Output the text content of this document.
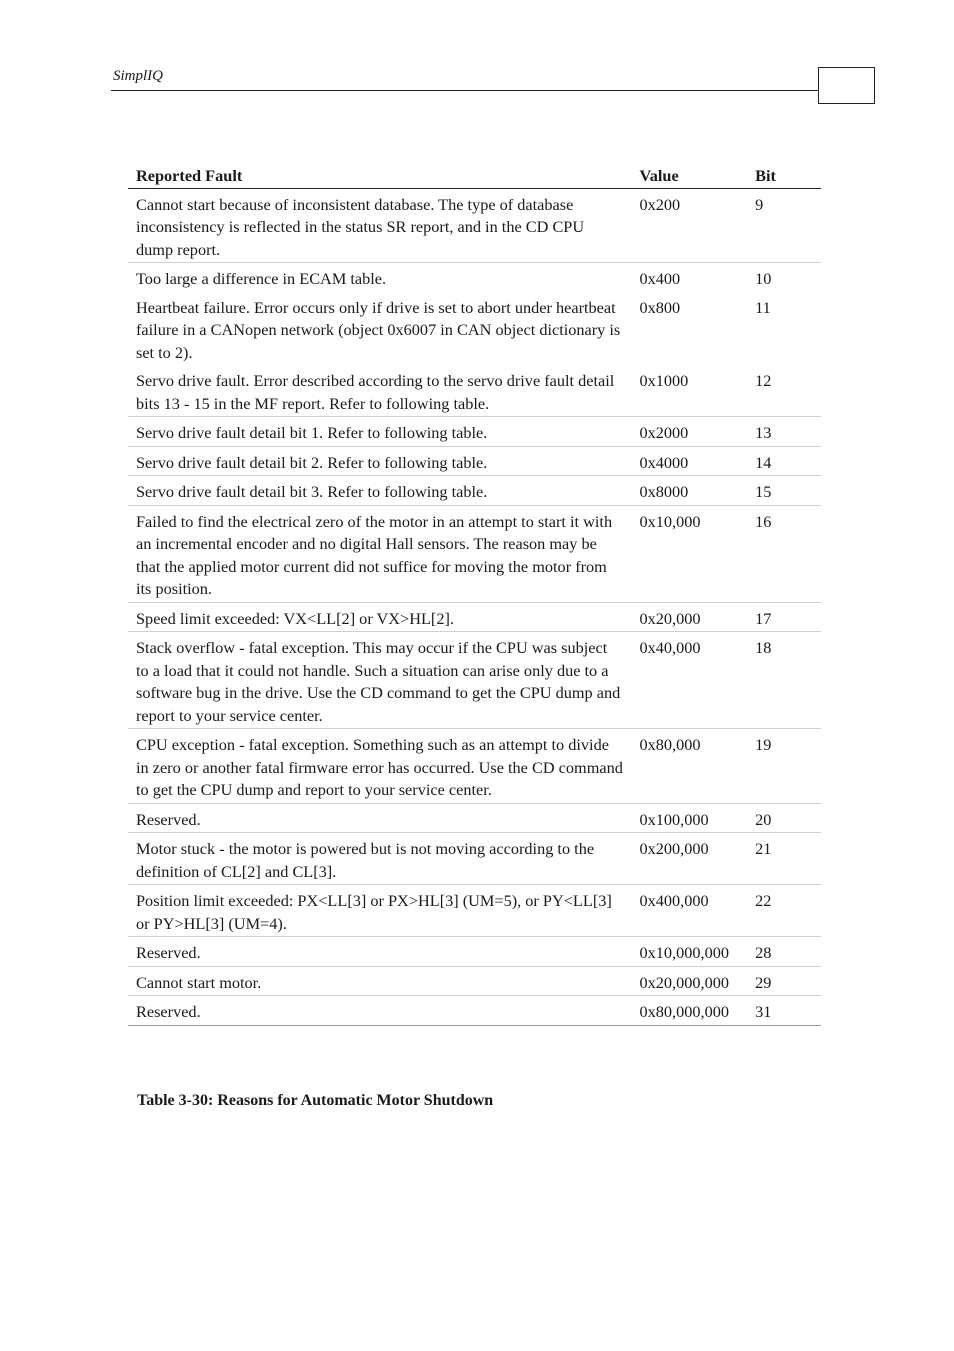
SimplIQ
Reported Fault	Value	Bit
Cannot start because of inconsistent database. The type of database inconsistency is reflected in the status SR report, and in the CD CPU dump report.	0x200	9
Too large a difference in ECAM table.	0x400	10
Heartbeat failure. Error occurs only if drive is set to abort under heartbeat failure in a CANopen network (object 0x6007 in CAN object dictionary is set to 2).	0x800	11
Servo drive fault. Error described according to the servo drive fault detail bits 13 - 15 in the MF report. Refer to following table.	0x1000	12
Servo drive fault detail bit 1. Refer to following table.	0x2000	13
Servo drive fault detail bit 2. Refer to following table.	0x4000	14
Servo drive fault detail bit 3. Refer to following table.	0x8000	15
Failed to find the electrical zero of the motor in an attempt to start it with an incremental encoder and no digital Hall sensors. The reason may be that the applied motor current did not suffice for moving the motor from its position.	0x10,000	16
Speed limit exceeded: VX<LL[2] or VX>HL[2].	0x20,000	17
Stack overflow - fatal exception. This may occur if the CPU was subject to a load that it could not handle. Such a situation can arise only due to a software bug in the drive. Use the CD command to get the CPU dump and report to your service center.	0x40,000	18
CPU exception - fatal exception. Something such as an attempt to divide in zero or another fatal firmware error has occurred. Use the CD command to get the CPU dump and report to your service center.	0x80,000	19
Reserved.	0x100,000	20
Motor stuck - the motor is powered but is not moving according to the definition of CL[2] and CL[3].	0x200,000	21
Position limit exceeded: PX<LL[3] or PX>HL[3] (UM=5), or PY<LL[3] or PY>HL[3] (UM=4).	0x400,000	22
Reserved.	0x10,000,000	28
Cannot start motor.	0x20,000,000	29
Reserved.	0x80,000,000	31
Table 3-30: Reasons for Automatic Motor Shutdown
